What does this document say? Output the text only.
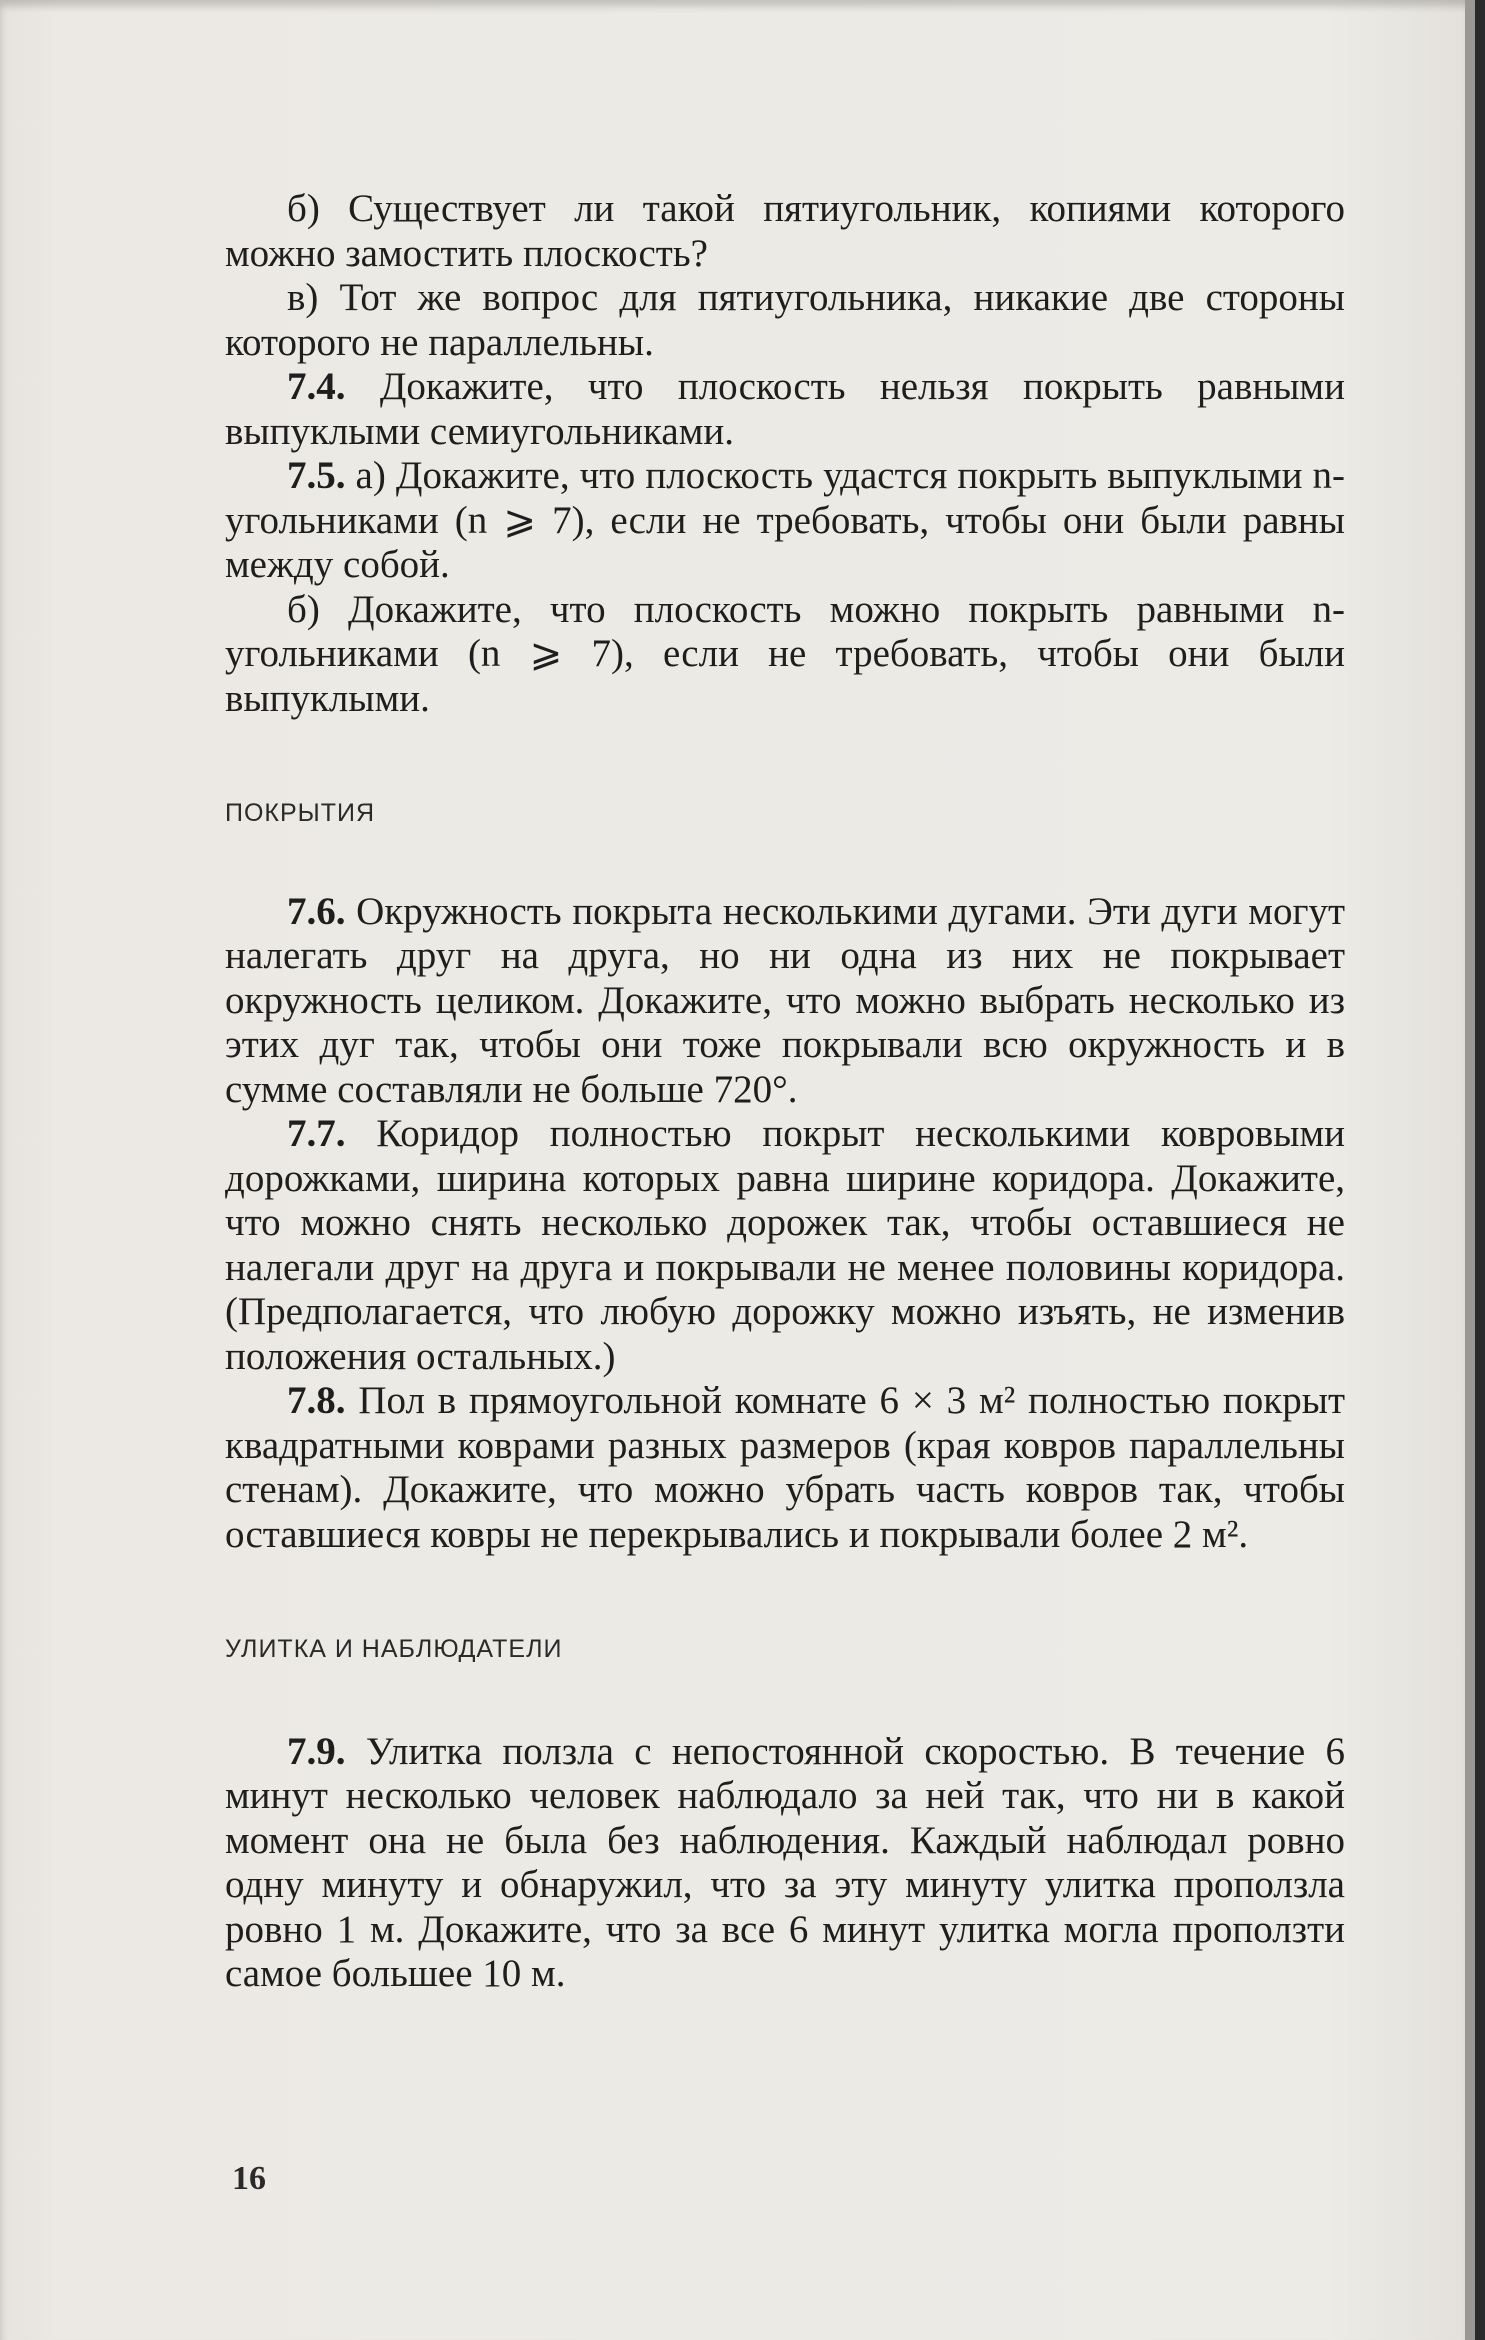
б) Существует ли такой пятиугольник, копиями которого можно замостить плоскость?

в) Тот же вопрос для пятиугольника, никакие две стороны которого не параллельны.

7.4. Докажите, что плоскость нельзя покрыть равными выпуклыми семиугольниками.

7.5. а) Докажите, что плоскость удастся покрыть выпуклыми n-угольниками (n ⩾ 7), если не требовать, чтобы они были равны между собой.

б) Докажите, что плоскость можно покрыть равными n-угольниками (n ⩾ 7), если не требовать, чтобы они были выпуклыми.

ПОКРЫТИЯ

7.6. Окружность покрыта несколькими дугами. Эти дуги могут налегать друг на друга, но ни одна из них не покрывает окружность целиком. Докажите, что можно выбрать несколько из этих дуг так, чтобы они тоже покрывали всю окружность и в сумме составляли не больше 720°.

7.7. Коридор полностью покрыт несколькими ковровыми дорожками, ширина которых равна ширине коридора. Докажите, что можно снять несколько дорожек так, чтобы оставшиеся не налегали друг на друга и покрывали не менее половины коридора. (Предполагается, что любую дорожку можно изъять, не изменив положения остальных.)

7.8. Пол в прямоугольной комнате 6 × 3 м² полностью покрыт квадратными коврами разных размеров (края ковров параллельны стенам). Докажите, что можно убрать часть ковров так, чтобы оставшиеся ковры не перекрывались и покрывали более 2 м².

УЛИТКА И НАБЛЮДАТЕЛИ

7.9. Улитка ползла с непостоянной скоростью. В течение 6 минут несколько человек наблюдало за ней так, что ни в какой момент она не была без наблюдения. Каждый наблюдал ровно одну минуту и обнаружил, что за эту минуту улитка проползла ровно 1 м. Докажите, что за все 6 минут улитка могла проползти самое большее 10 м.

16
